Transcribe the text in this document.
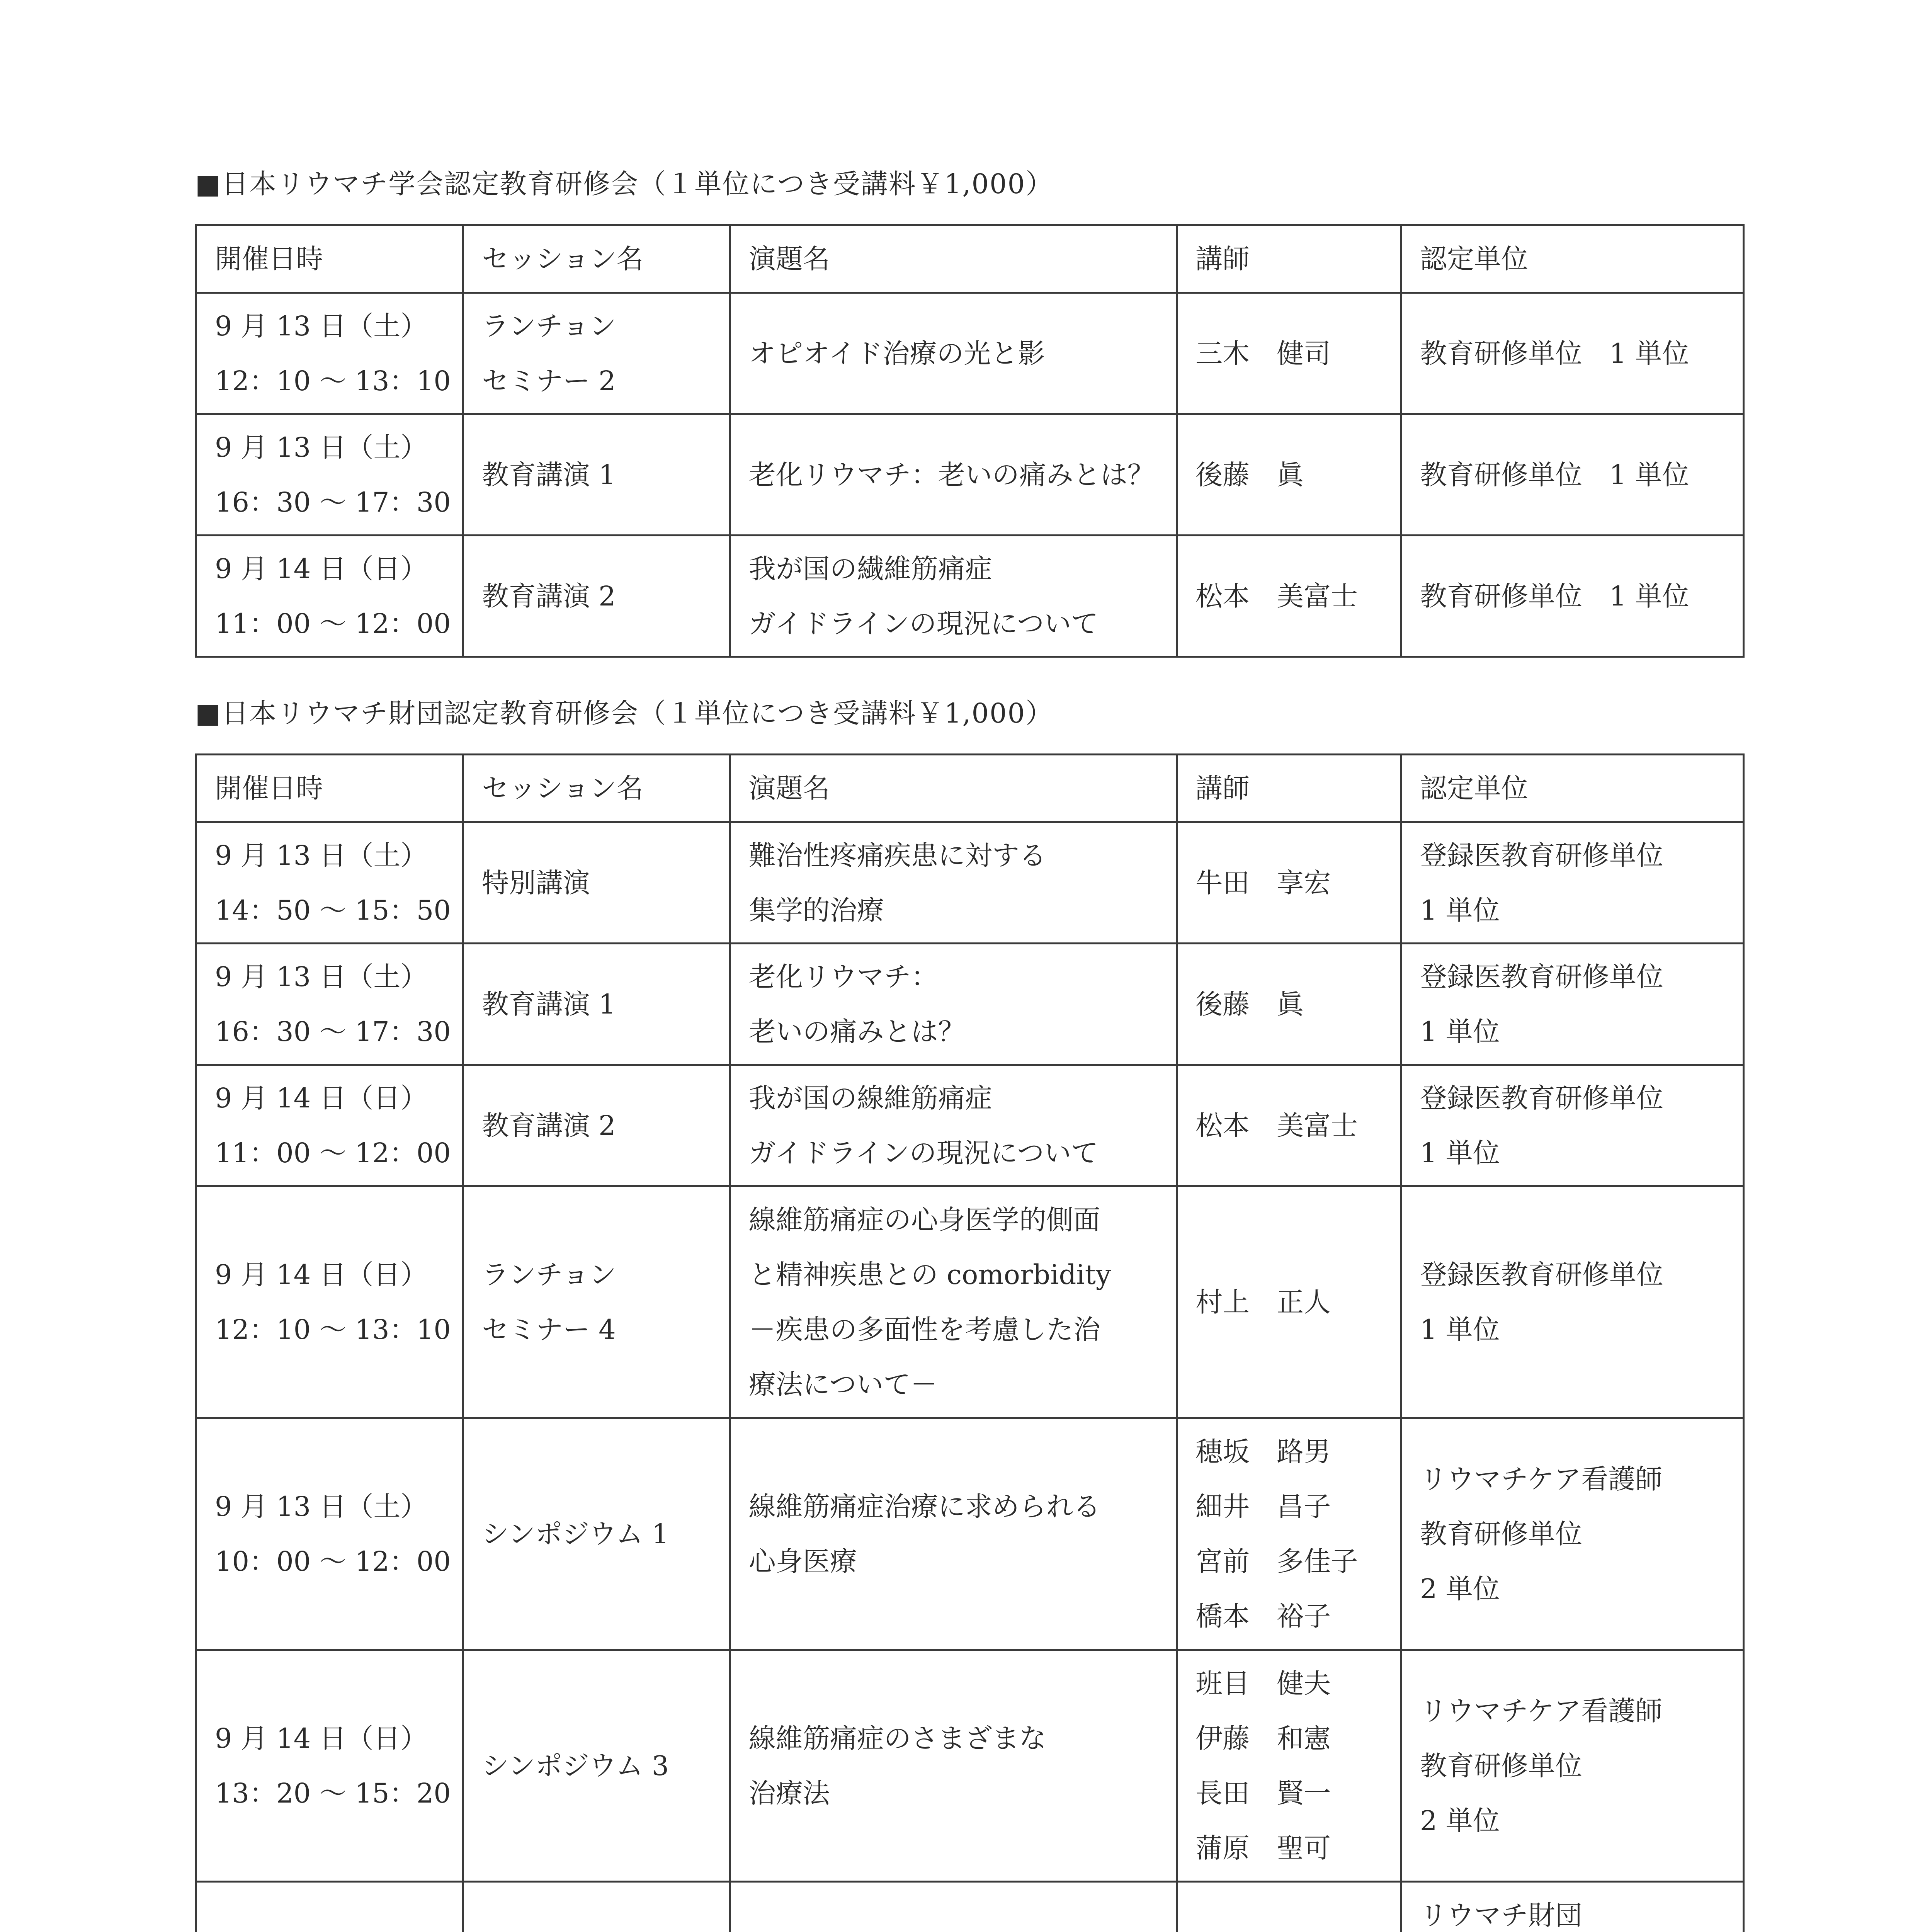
■日本リウマチ学会認定教育研修会（１単位につき受講料￥1,000）
開催日時	セッション名	演題名	講師	認定単位

9 月 13 日（土）
12：10 〜 13：10	ランチョン
セミナー 2	オピオイド治療の光と影	三木　健司	教育研修単位　1 単位

9 月 13 日（土）
16：30 〜 17：30	教育講演 1	老化リウマチ：老いの痛みとは？	後藤　眞	教育研修単位　1 単位

9 月 14 日（日）
11：00 〜 12：00	教育講演 2	我が国の繊維筋痛症
ガイドラインの現況について	松本　美富士	教育研修単位　1 単位
■日本リウマチ財団認定教育研修会（１単位につき受講料￥1,000）
開催日時	セッション名	演題名	講師	認定単位

9 月 13 日（土）
14：50 〜 15：50	特別講演	難治性疼痛疾患に対する
集学的治療	牛田　享宏	登録医教育研修単位
1 単位

9 月 13 日（土）
16：30 〜 17：30	教育講演 1	老化リウマチ：
老いの痛みとは？	後藤　眞	登録医教育研修単位
1 単位

9 月 14 日（日）
11：00 〜 12：00	教育講演 2	我が国の線維筋痛症
ガイドラインの現況について	松本　美富士	登録医教育研修単位
1 単位

9 月 14 日（日）
12：10 〜 13：10	ランチョン
セミナー 4	線維筋痛症の心身医学的側面
と精神疾患との comorbidity
－疾患の多面性を考慮した治
療法について－	村上　正人	登録医教育研修単位
1 単位

9 月 13 日（土）
10：00 〜 12：00	シンポジウム 1	線維筋痛症治療に求められる
心身医療	穂坂　路男
細井　昌子
宮前　多佳子
橋本　裕子	リウマチケア看護師
教育研修単位
2 単位

9 月 14 日（日）
13：20 〜 15：20	シンポジウム 3	線維筋痛症のさまざまな
治療法	班目　健夫
伊藤　和憲
長田　賢一
蒲原　聖可	リウマチケア看護師
教育研修単位
2 単位

リウマチ財団
